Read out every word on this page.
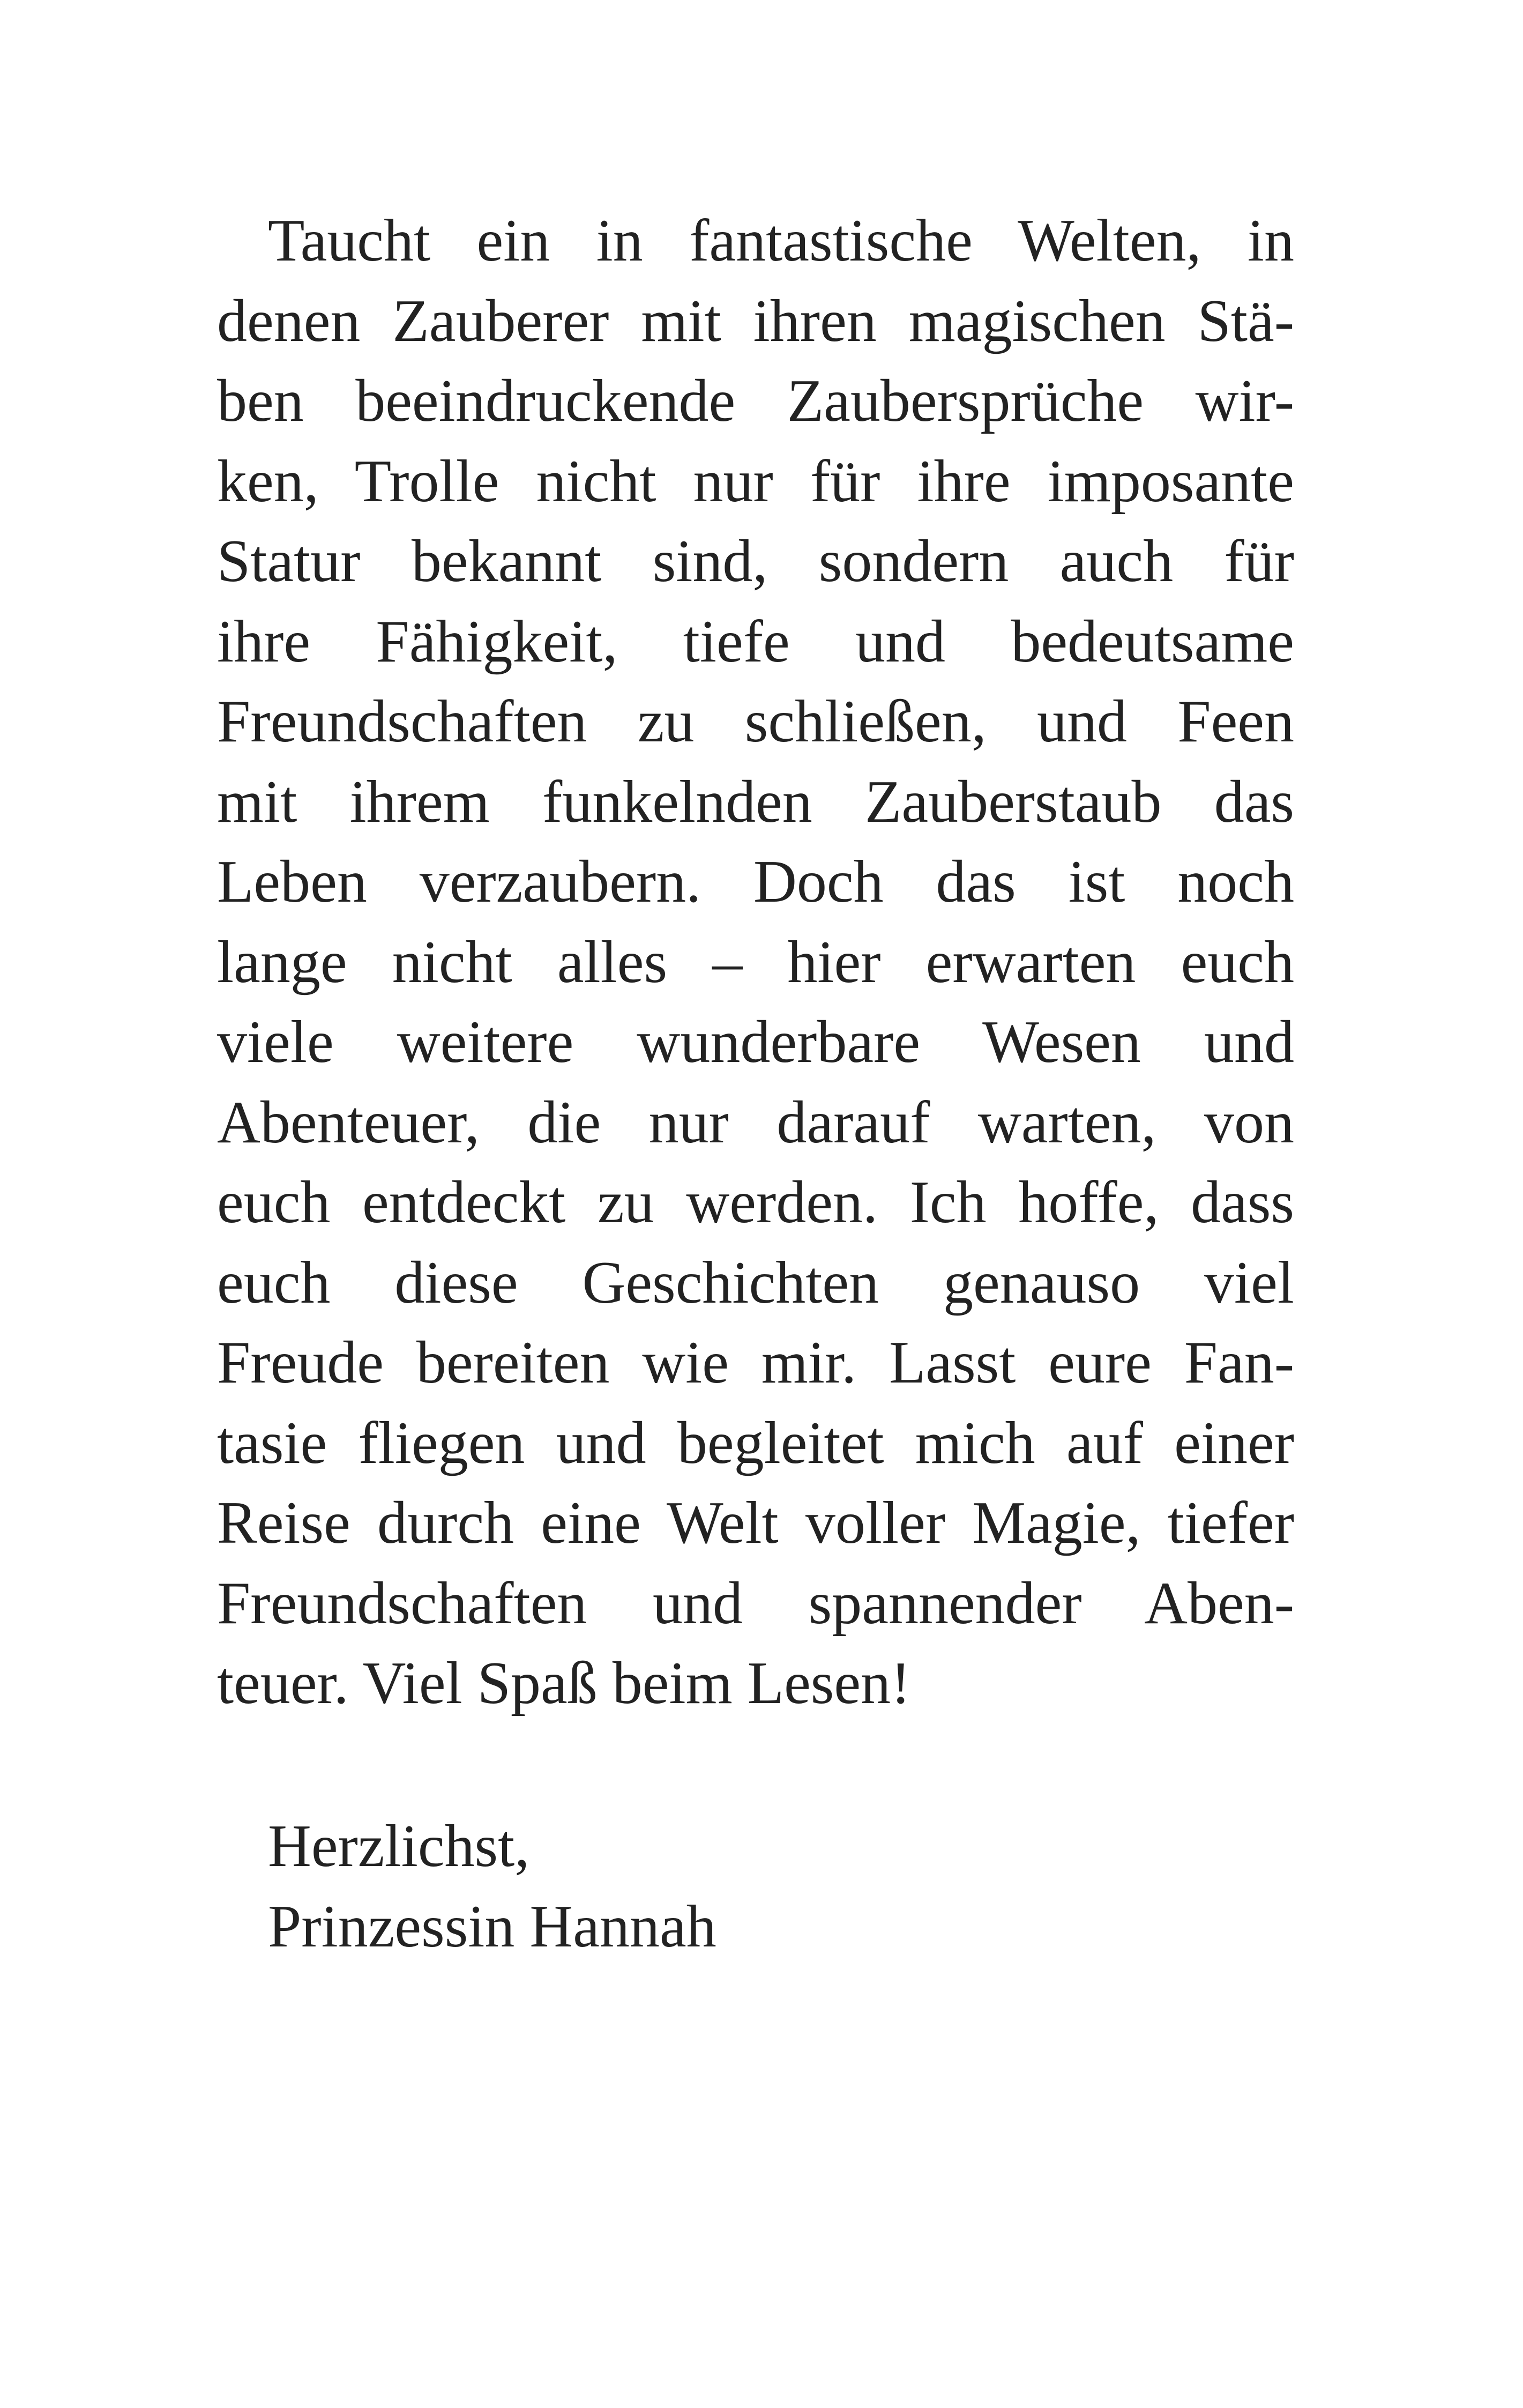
Taucht ein in fantastische Welten, in
denen Zauberer mit ihren magischen Stä-
ben beeindruckende Zaubersprüche wir-
ken, Trolle nicht nur für ihre imposante
Statur bekannt sind, sondern auch für
ihre Fähigkeit, tiefe und bedeutsame
Freundschaften zu schließen, und Feen
mit ihrem funkelnden Zauberstaub das
Leben verzaubern. Doch das ist noch
lange nicht alles – hier erwarten euch
viele weitere wunderbare Wesen und
Abenteuer, die nur darauf warten, von
euch entdeckt zu werden. Ich hoffe, dass
euch diese Geschichten genauso viel
Freude bereiten wie mir. Lasst eure Fan-
tasie fliegen und begleitet mich auf einer
Reise durch eine Welt voller Magie, tiefer
Freundschaften und spannender Aben-
teuer. Viel Spaß beim Lesen!
Herzlichst,
Prinzessin Hannah
